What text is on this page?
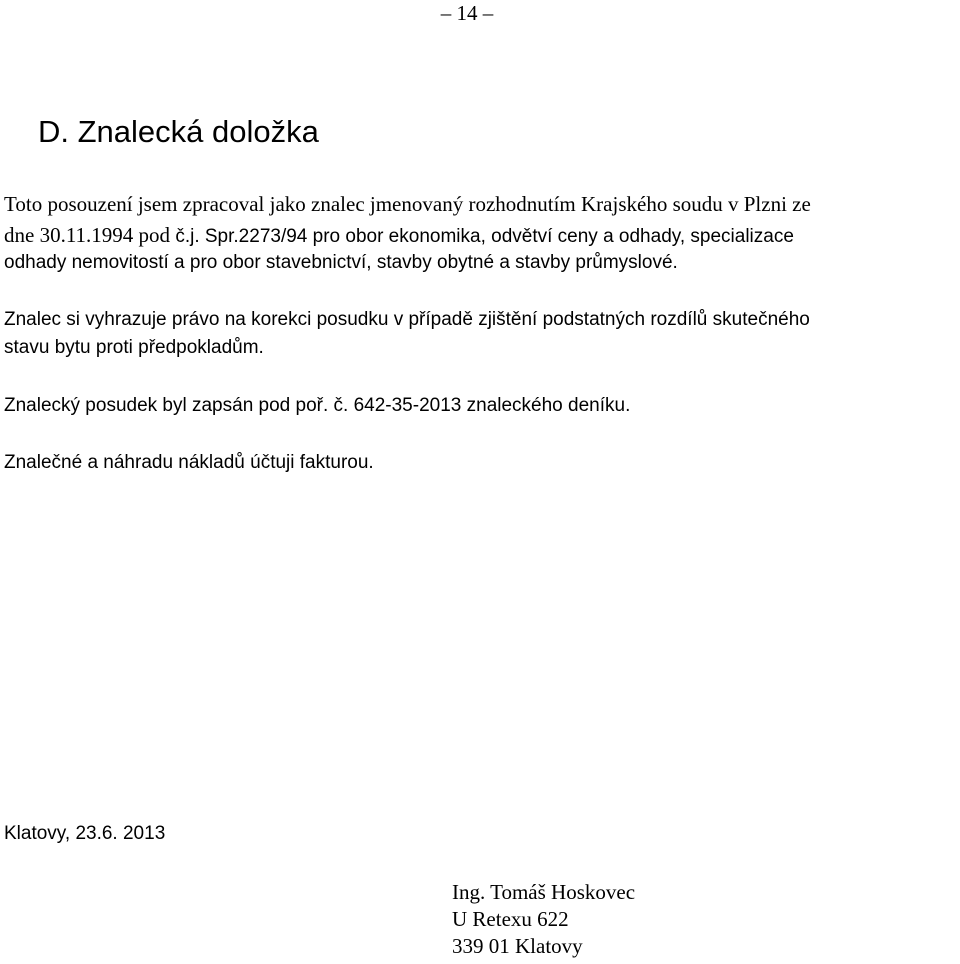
– 14 –
D. Znalecká doložka
Toto posouzení jsem zpracoval jako znalec jmenovaný rozhodnutím Krajského soudu v Plzni ze
dne 30.11.1994 pod č.j. Spr.2273/94 pro obor ekonomika, odvětví ceny a odhady, specializace
odhady nemovitostí a pro obor stavebnictví, stavby obytné a stavby průmyslové.
Znalec si vyhrazuje právo na korekci posudku v případě zjištění podstatných rozdílů skutečného
stavu bytu proti předpokladům.
Znalecký posudek byl zapsán pod poř. č. 642-35-2013 znaleckého deníku.
Znalečné a náhradu nákladů účtuji fakturou.
Klatovy, 23.6. 2013
Ing. Tomáš Hoskovec
U Retexu 622
339 01 Klatovy
